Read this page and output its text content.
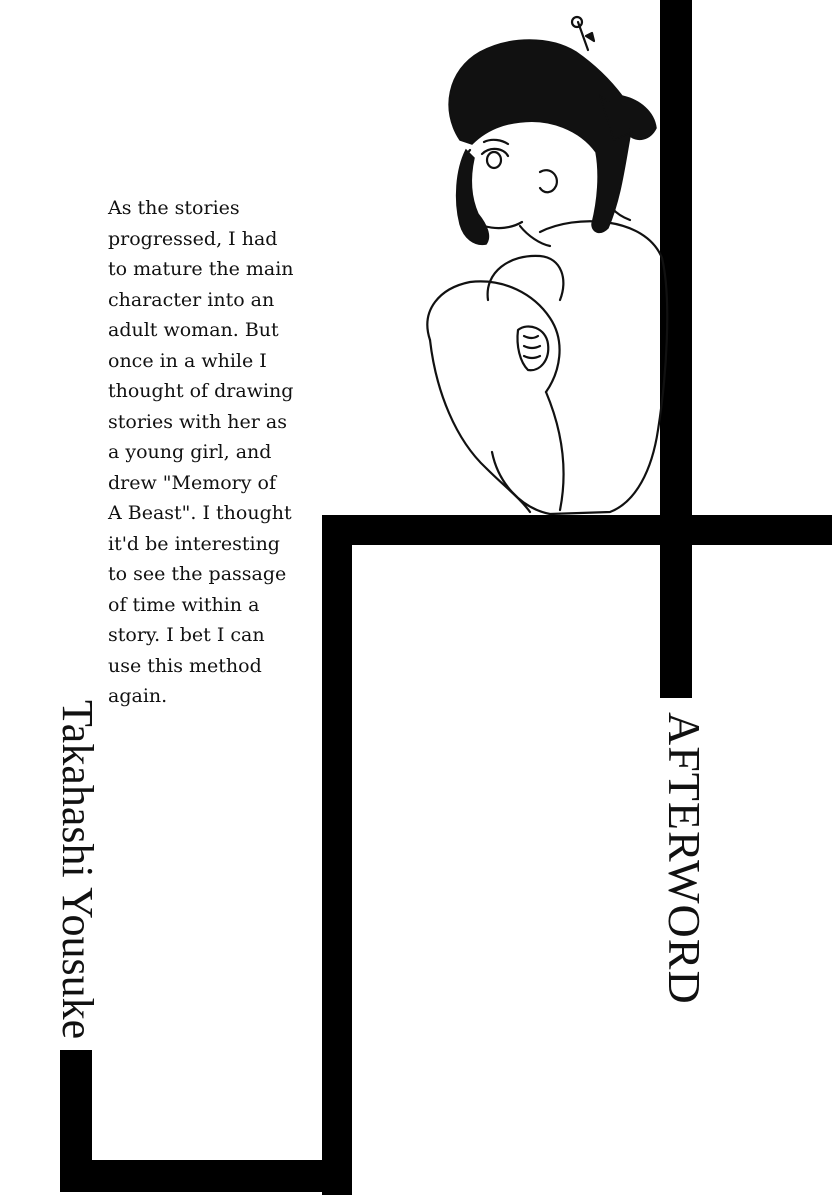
As the stories
progressed, I had
to mature the main
character into an
adult woman. But
once in a while I
thought of drawing
stories with her as
a young girl, and
drew "Memory of
A Beast". I thought
it'd be interesting
to see the passage
of time within a
story. I bet I can
use this method
again.
AFTERWORD
Takahashi Yousuke
